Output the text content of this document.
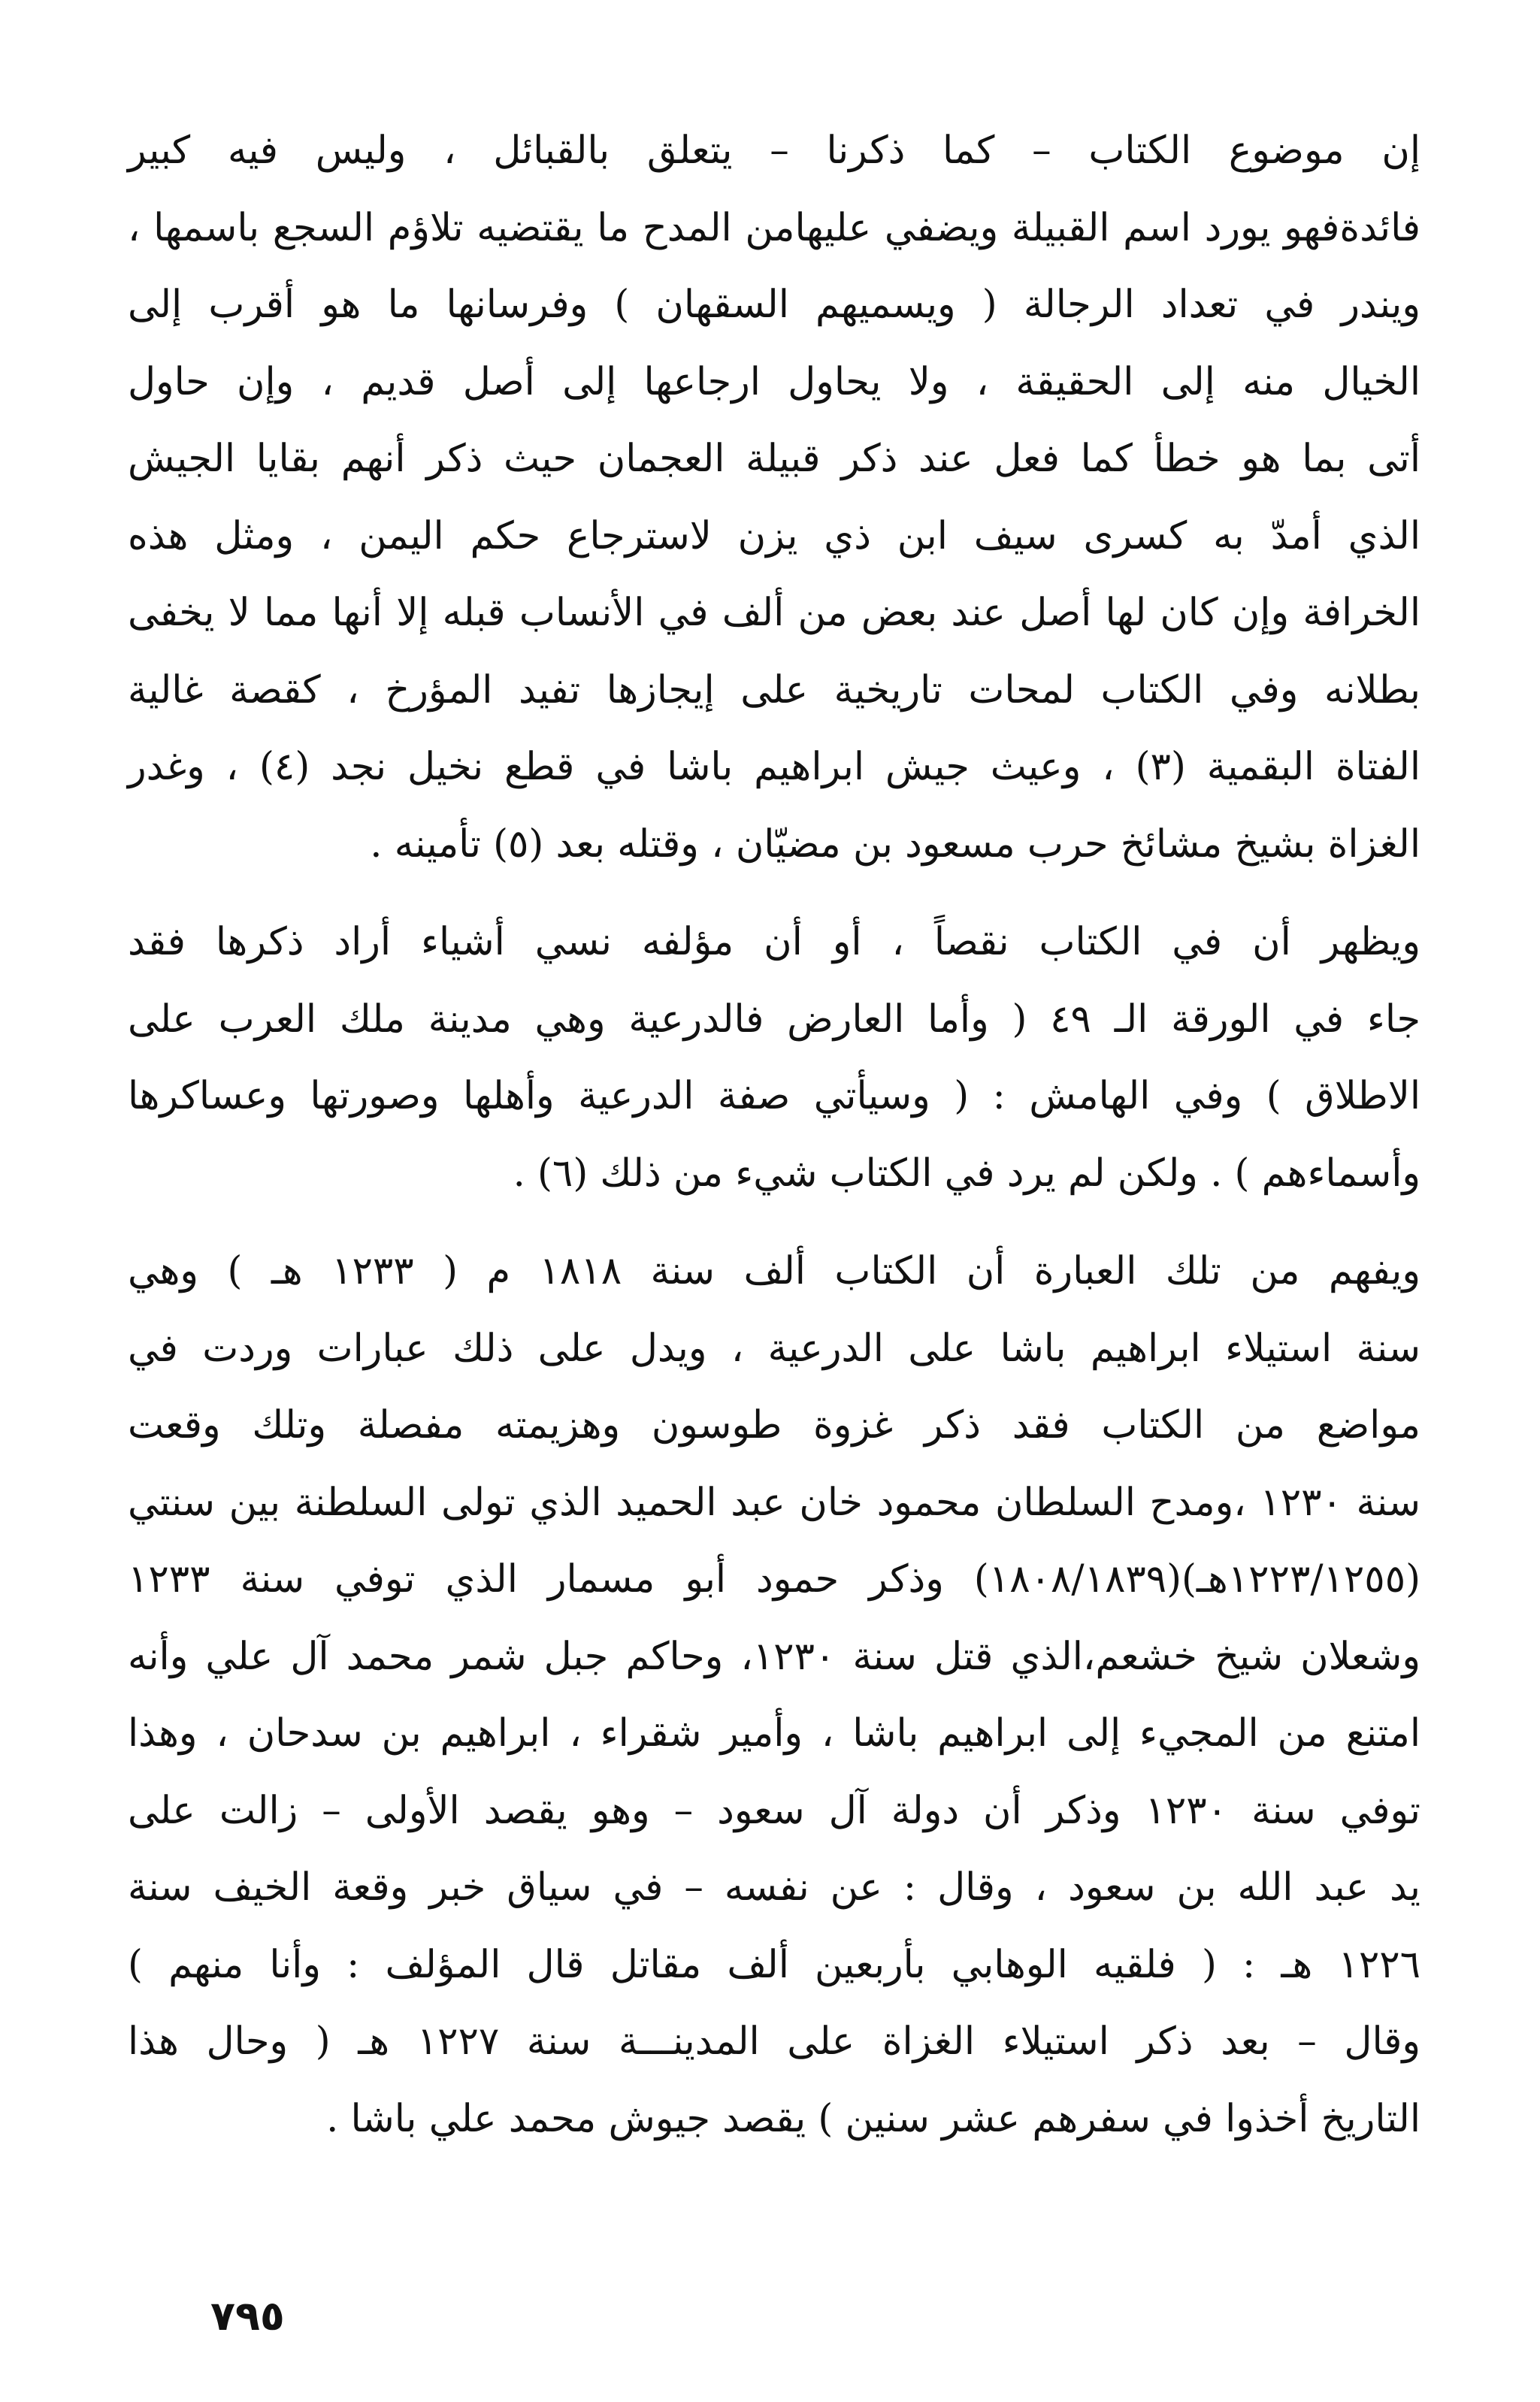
إن موضوع الكتاب – كما ذكرنا – يتعلق بالقبائل ، وليس فيه كبير
فائدةفهو يورد اسم القبيلة ويضفي عليهامن المدح ما يقتضيه تلاؤم السجع باسمها ،
ويندر في تعداد الرجالة ( ويسميهم السقهان ) وفرسانها ما هو أقرب إلى
الخيال منه إلى الحقيقة ، ولا يحاول ارجاعها إلى أصل قديم ، وإن حاول
أتى بما هو خطأ كما فعل عند ذكر قبيلة العجمان حيث ذكر أنهم بقايا الجيش
الذي أمدّ به كسرى سيف ابن ذي يزن لاسترجاع حكم اليمن ، ومثل هذه
الخرافة وإن كان لها أصل عند بعض من ألف في الأنساب قبله إلا أنها مما لا يخفى
بطلانه وفي الكتاب لمحات تاريخية على إيجازها تفيد المؤرخ ، كقصة غالية
الفتاة البقمية (٣) ، وعيث جيش ابراهيم باشا في قطع نخيل نجد (٤) ، وغدر
الغزاة بشيخ مشائخ حرب مسعود بن مضيّان ، وقتله بعد (٥) تأمينه .

ويظهر أن في الكتاب نقصاً ، أو أن مؤلفه نسي أشياء أراد ذكرها فقد
جاء في الورقة الـ ٤٩ ( وأما العارض فالدرعية وهي مدينة ملك العرب على
الاطلاق ) وفي الهامش : ( وسيأتي صفة الدرعية وأهلها وصورتها وعساكرها
وأسماءهم ) . ولكن لم يرد في الكتاب شيء من ذلك (٦) .

ويفهم من تلك العبارة أن الكتاب ألف سنة ١٨١٨ م ( ١٢٣٣ هـ ) وهي
سنة استيلاء ابراهيم باشا على الدرعية ، ويدل على ذلك عبارات وردت في
مواضع من الكتاب فقد ذكر غزوة طوسون وهزيمته مفصلة وتلك وقعت
سنة ١٢٣٠ ،ومدح السلطان محمود خان عبد الحميد الذي تولى السلطنة بين سنتي
(١٢٢٣/١٢٥٥هـ)(١٨٠٨/١٨٣٩) وذكر حمود أبو مسمار الذي توفي سنة ١٢٣٣
وشعلان شيخ خشعم،الذي قتل سنة ١٢٣٠، وحاكم جبل شمر محمد آل علي وأنه
امتنع من المجيء إلى ابراهيم باشا ، وأمير شقراء ، ابراهيم بن سدحان ، وهذا
توفي سنة ١٢٣٠ وذكر أن دولة آل سعود – وهو يقصد الأولى – زالت على
يد عبد الله بن سعود ، وقال : عن نفسه – في سياق خبر وقعة الخيف سنة
١٢٢٦ هـ : ( فلقيه الوهابي بأربعين ألف مقاتل قال المؤلف : وأنا منهم )
وقال – بعد ذكر استيلاء الغزاة على المدينـــة سنة ١٢٢٧ هـ ( وحال هذا
التاريخ أخذوا في سفرهم عشر سنين ) يقصد جيوش محمد علي باشا .

٧٩٥
